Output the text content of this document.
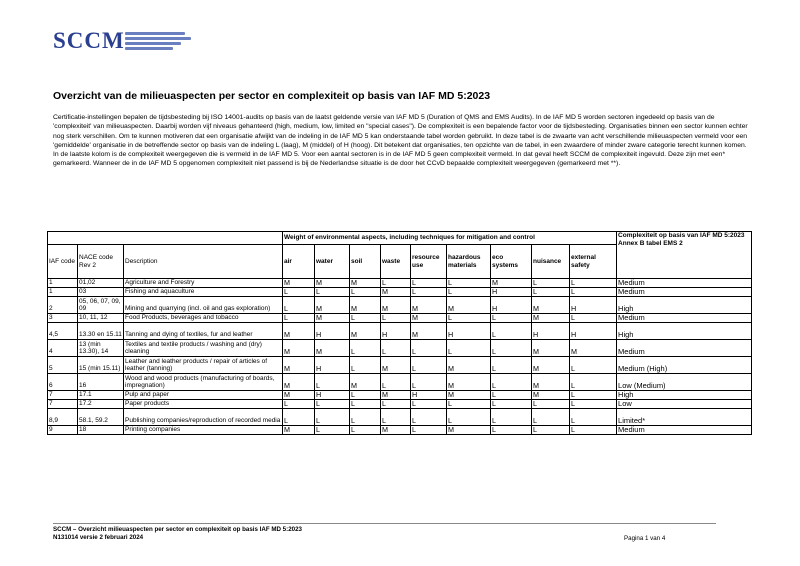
SCCM
Overzicht van de milieuaspecten per sector en complexiteit op basis van IAF MD 5:2023

Certificatie-instellingen bepalen de tijdsbesteding bij ISO 14001-audits op basis van de laatst geldende versie van IAF MD 5 (Duration of QMS and EMS Audits). In de IAF MD 5 worden sectoren ingedeeld op basis van de 'complexiteit' van milieuaspecten. Daarbij worden vijf niveaus gehanteerd (high, medium, low, limited en "special cases"). De complexiteit is een bepalende factor voor de tijdsbesteding. Organisaties binnen een sector kunnen echter nog sterk verschillen. Om te kunnen motiveren dat een organisatie afwijkt van de indeling in de IAF MD 5 kan onderstaande tabel worden gebruikt. In deze tabel is de zwaarte van acht verschillende milieuaspecten vermeld voor een 'gemiddelde' organisatie in de betreffende sector op basis van de indeling L (laag), M (middel) of H (hoog). Dit betekent dat organisaties, ten opzichte van de tabel, in een zwaardere of minder zware categorie terecht kunnen komen.

In de laatste kolom is de complexiteit weergegeven die is vermeld in de IAF MD 5. Voor een aantal sectoren is in de IAF MD 5 geen complexiteit vermeld. In dat geval heeft SCCM de complexiteit ingevuld. Deze zijn met een* gemarkeerd. Wanneer de in de IAF MD 5 opgenomen complexiteit niet passend is bij de Nederlandse situatie is de door het CCvD bepaalde complexiteit weergegeven (gemarkeerd met **).

			Weight of environmental aspects, including techniques for mitigation and control									Complexiteit op basis van IAF MD 5:2023 Annex B tabel EMS 2
IAF code	NACE code Rev 2	Description	air	water	soil	waste	resource use	hazardous materials	eco systems	nuisance	external safety	
1	01,02	Agriculture and Forestry	M	M	M	L	L	L	M	L	L	Medium
1	03	Fishing and aquaculture	L	L	L	M	L	L	H	L	L	Medium
2	05, 06, 07, 09, 09	Mining and quarrying (incl. oil and gas exploration)	L	M	M	M	M	M	H	M	H	High
3	10, 11, 12	Food Products, beverages and tobacco	L	M	L	L	M	L	L	M	L	Medium
4,5	13.30 en 15.11	Tanning and dying of textiles, fur and leather	M	H	M	H	M	H	L	H	H	High
4	13 (min 13.30), 14	Textiles and textile products / washing and (dry) cleaning	M	M	L	L	L	L	L	M	M	Medium
5	15 (min 15.11)	Leather and leather products / repair of articles of leather (tanning)	M	H	L	M	L	M	L	M	L	Medium (High)
6	16	Wood and wood products (manufacturing of boards, impregnation)	M	L	M	L	L	M	L	M	L	Low (Medium)
7	17.1	Pulp and paper	M	H	L	M	H	M	L	M	L	High
7	17.2	Paper products	L	L	L	L	L	L	L	L	L	Low
8,9	58.1, 59.2	Publishing companies/reproduction of recorded media	L	L	L	L	L	L	L	L	L	Limited*
9	18	Printing companies	M	L	L	M	L	M	L	L	L	Medium
SCCM – Overzicht milieuaspecten per sector en complexiteit op basis IAF MD 5:2023
N131014 versie 2 februari 2024	Pagina 1 van 4
